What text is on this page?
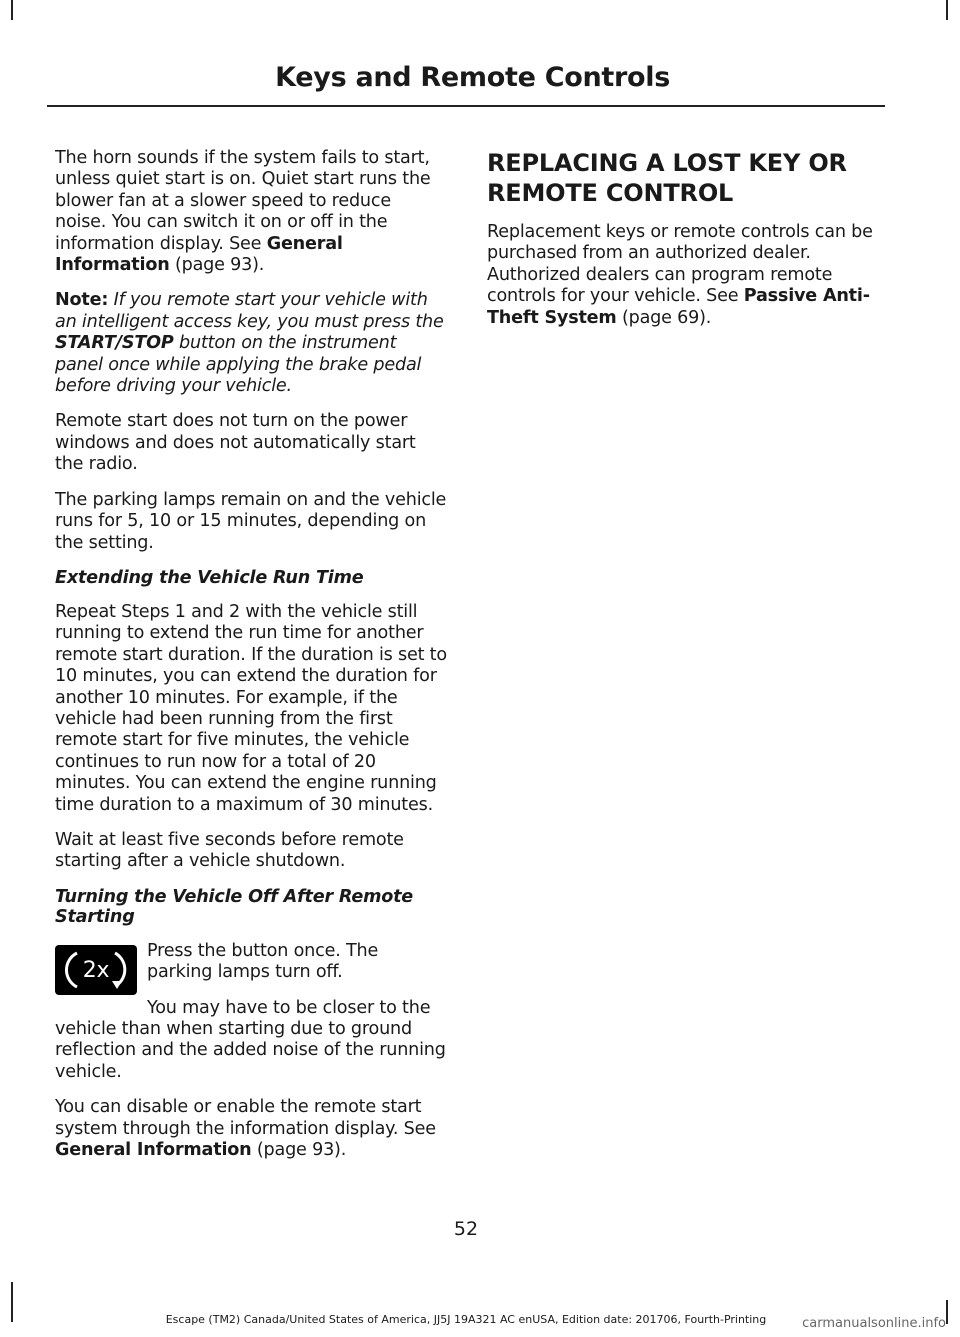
Keys and Remote Controls

The horn sounds if the system fails to start, unless quiet start is on. Quiet start runs the blower fan at a slower speed to reduce noise. You can switch it on or off in the information display. See General Information (page 93).

Note: If you remote start your vehicle with an intelligent access key, you must press the START/STOP button on the instrument panel once while applying the brake pedal before driving your vehicle.

Remote start does not turn on the power windows and does not automatically start the radio.

The parking lamps remain on and the vehicle runs for 5, 10 or 15 minutes, depending on the setting.

Extending the Vehicle Run Time

Repeat Steps 1 and 2 with the vehicle still running to extend the run time for another remote start duration. If the duration is set to 10 minutes, you can extend the duration for another 10 minutes. For example, if the vehicle had been running from the first remote start for five minutes, the vehicle continues to run now for a total of 20 minutes. You can extend the engine running time duration to a maximum of 30 minutes.

Wait at least five seconds before remote starting after a vehicle shutdown.

Turning the Vehicle Off After Remote Starting

2x

Press the button once. The parking lamps turn off.

You may have to be closer to the vehicle than when starting due to ground reflection and the added noise of the running vehicle.

You can disable or enable the remote start system through the information display. See General Information (page 93).

REPLACING A LOST KEY OR
REMOTE CONTROL

Replacement keys or remote controls can be purchased from an authorized dealer. Authorized dealers can program remote controls for your vehicle. See Passive Anti-Theft System (page 69).

52
Escape (TM2) Canada/United States of America, JJ5J 19A321 AC enUSA, Edition date: 201706, Fourth-Printing	carmanualsonline.info
